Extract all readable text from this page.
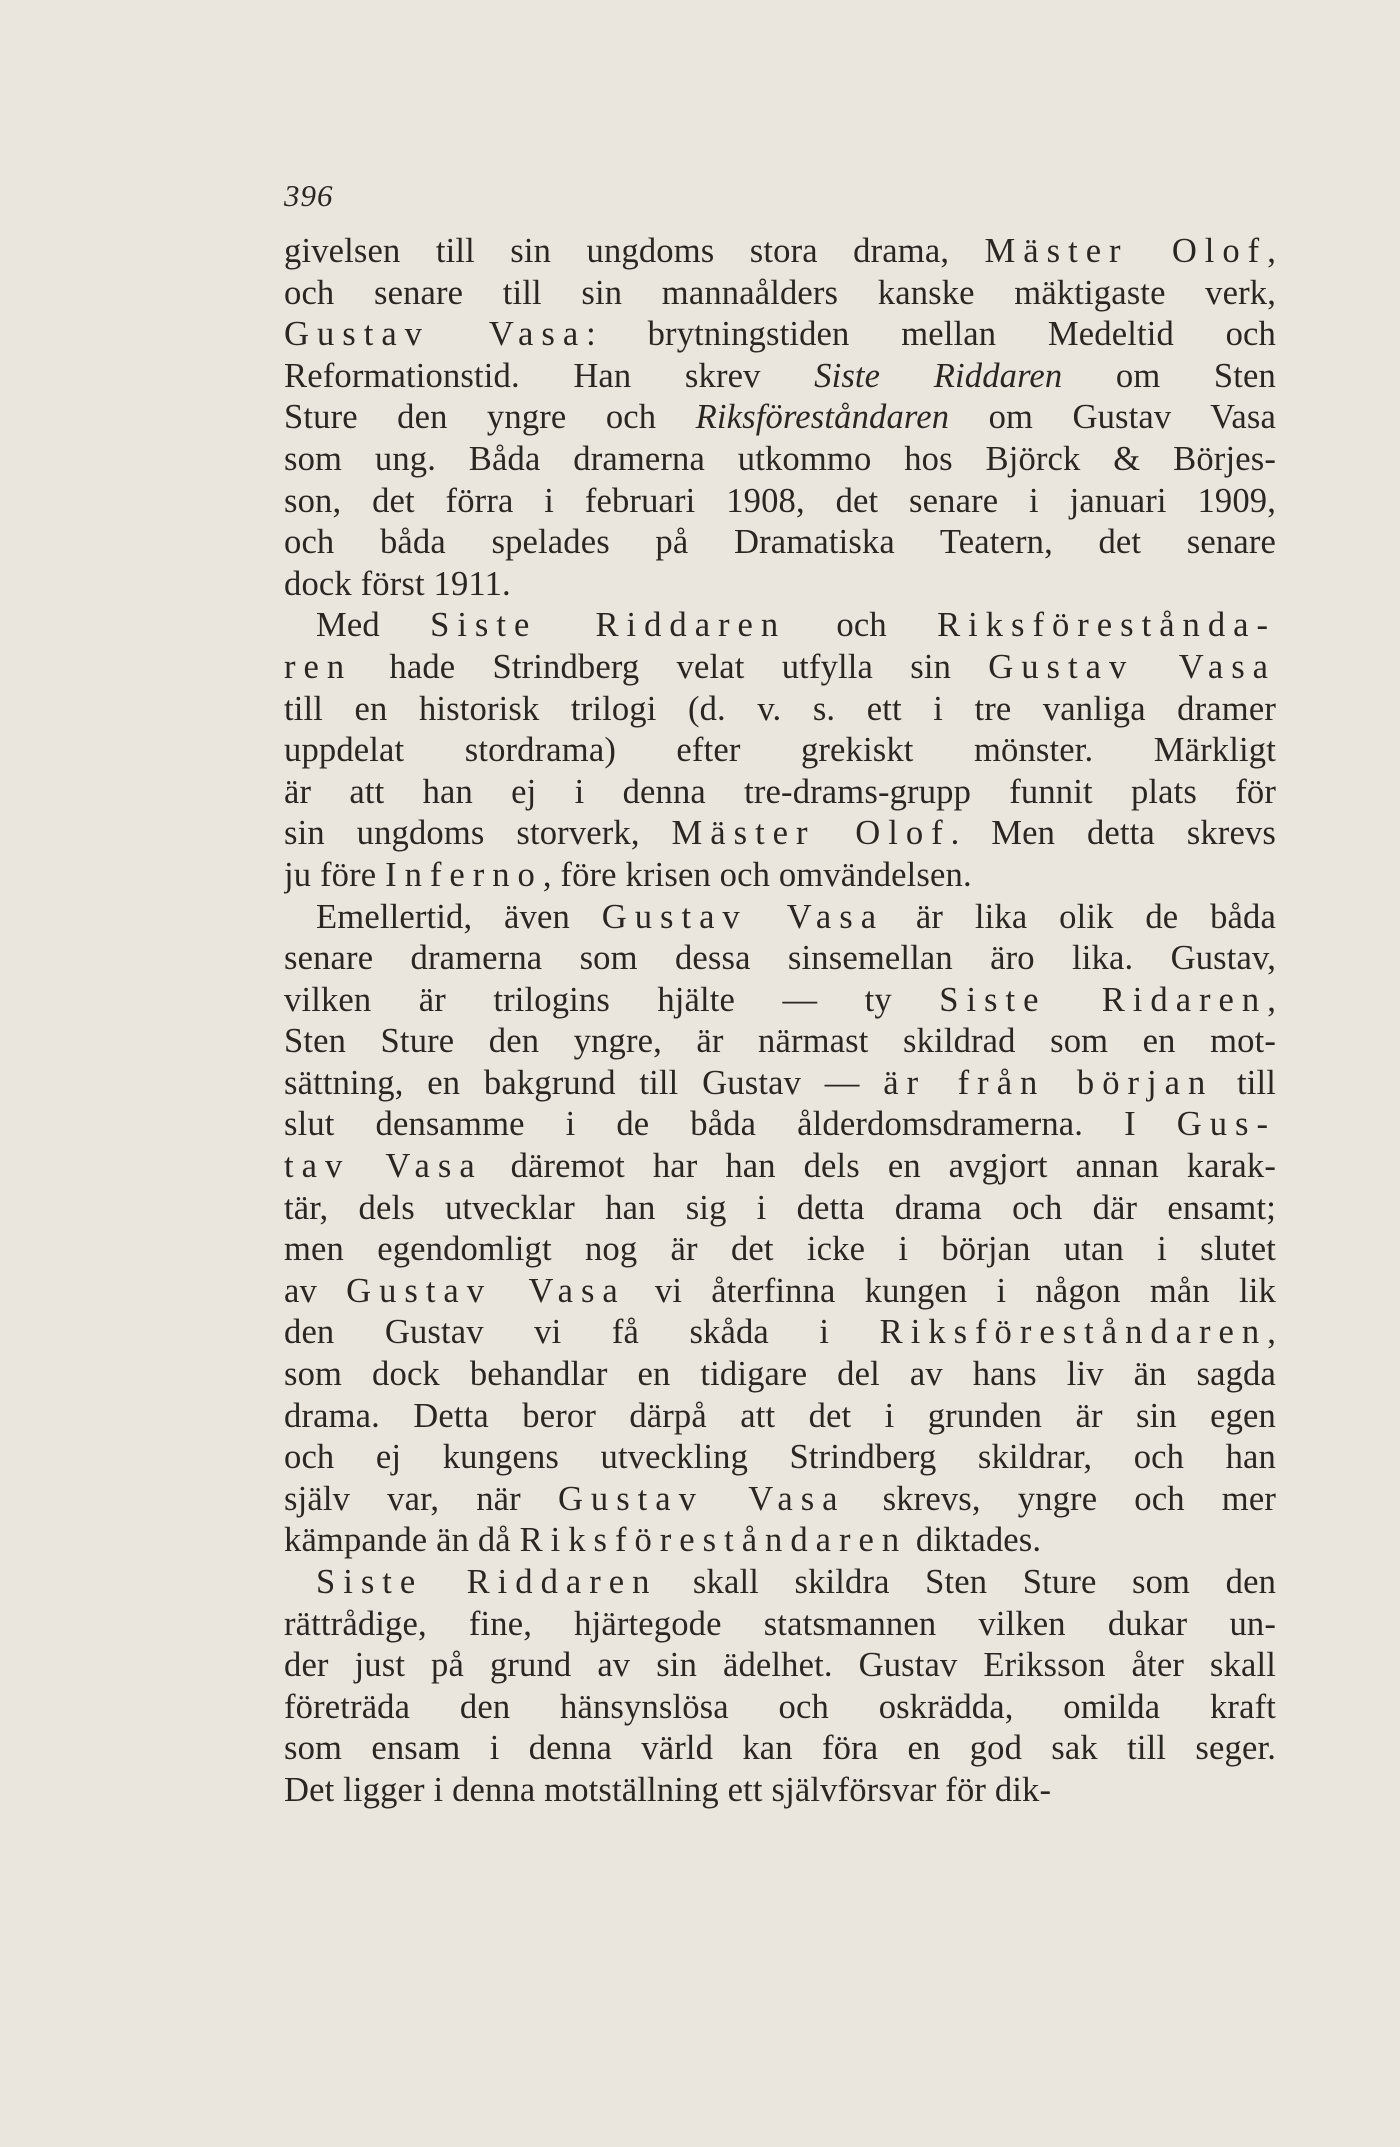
396
givelsen till sin ungdoms stora drama, Mäster Olof,
och senare till sin mannaålders kanske mäktigaste verk,
Gustav Vasa: brytningstiden mellan Medeltid och
Reformationstid. Han skrev Siste Riddaren om Sten
Sture den yngre och Riksföreståndaren om Gustav Vasa
som ung. Båda dramerna utkommo hos Björck & Börjes-
son, det förra i februari 1908, det senare i januari 1909,
och båda spelades på Dramatiska Teatern, det senare
dock först 1911.
Med Siste Riddaren och Riksförestånda-
ren hade Strindberg velat utfylla sin Gustav Vasa
till en historisk trilogi (d. v. s. ett i tre vanliga dramer
uppdelat stordrama) efter grekiskt mönster. Märkligt
är att han ej i denna tre-drams-grupp funnit plats för
sin ungdoms storverk, Mäster Olof. Men detta skrevs
ju före Inferno, före krisen och omvändelsen.
Emellertid, även Gustav Vasa är lika olik de båda
senare dramerna som dessa sinsemellan äro lika. Gustav,
vilken är trilogins hjälte — ty Siste Ridaren,
Sten Sture den yngre, är närmast skildrad som en mot-
sättning, en bakgrund till Gustav — är från början till
slut densamme i de båda ålderdomsdramerna. I Gus-
tav Vasa däremot har han dels en avgjort annan karak-
tär, dels utvecklar han sig i detta drama och där ensamt;
men egendomligt nog är det icke i början utan i slutet
av Gustav Vasa vi återfinna kungen i någon mån lik
den Gustav vi få skåda i Riksföreståndaren,
som dock behandlar en tidigare del av hans liv än sagda
drama. Detta beror därpå att det i grunden är sin egen
och ej kungens utveckling Strindberg skildrar, och han
själv var, när Gustav Vasa skrevs, yngre och mer
kämpande än då Riksföreståndaren diktades.
Siste Riddaren skall skildra Sten Sture som den
rättrådige, fine, hjärtegode statsmannen vilken dukar un-
der just på grund av sin ädelhet. Gustav Eriksson åter skall
företräda den hänsynslösa och oskrädda, omilda kraft
som ensam i denna värld kan föra en god sak till seger.
Det ligger i denna motställning ett självförsvar för dik-
